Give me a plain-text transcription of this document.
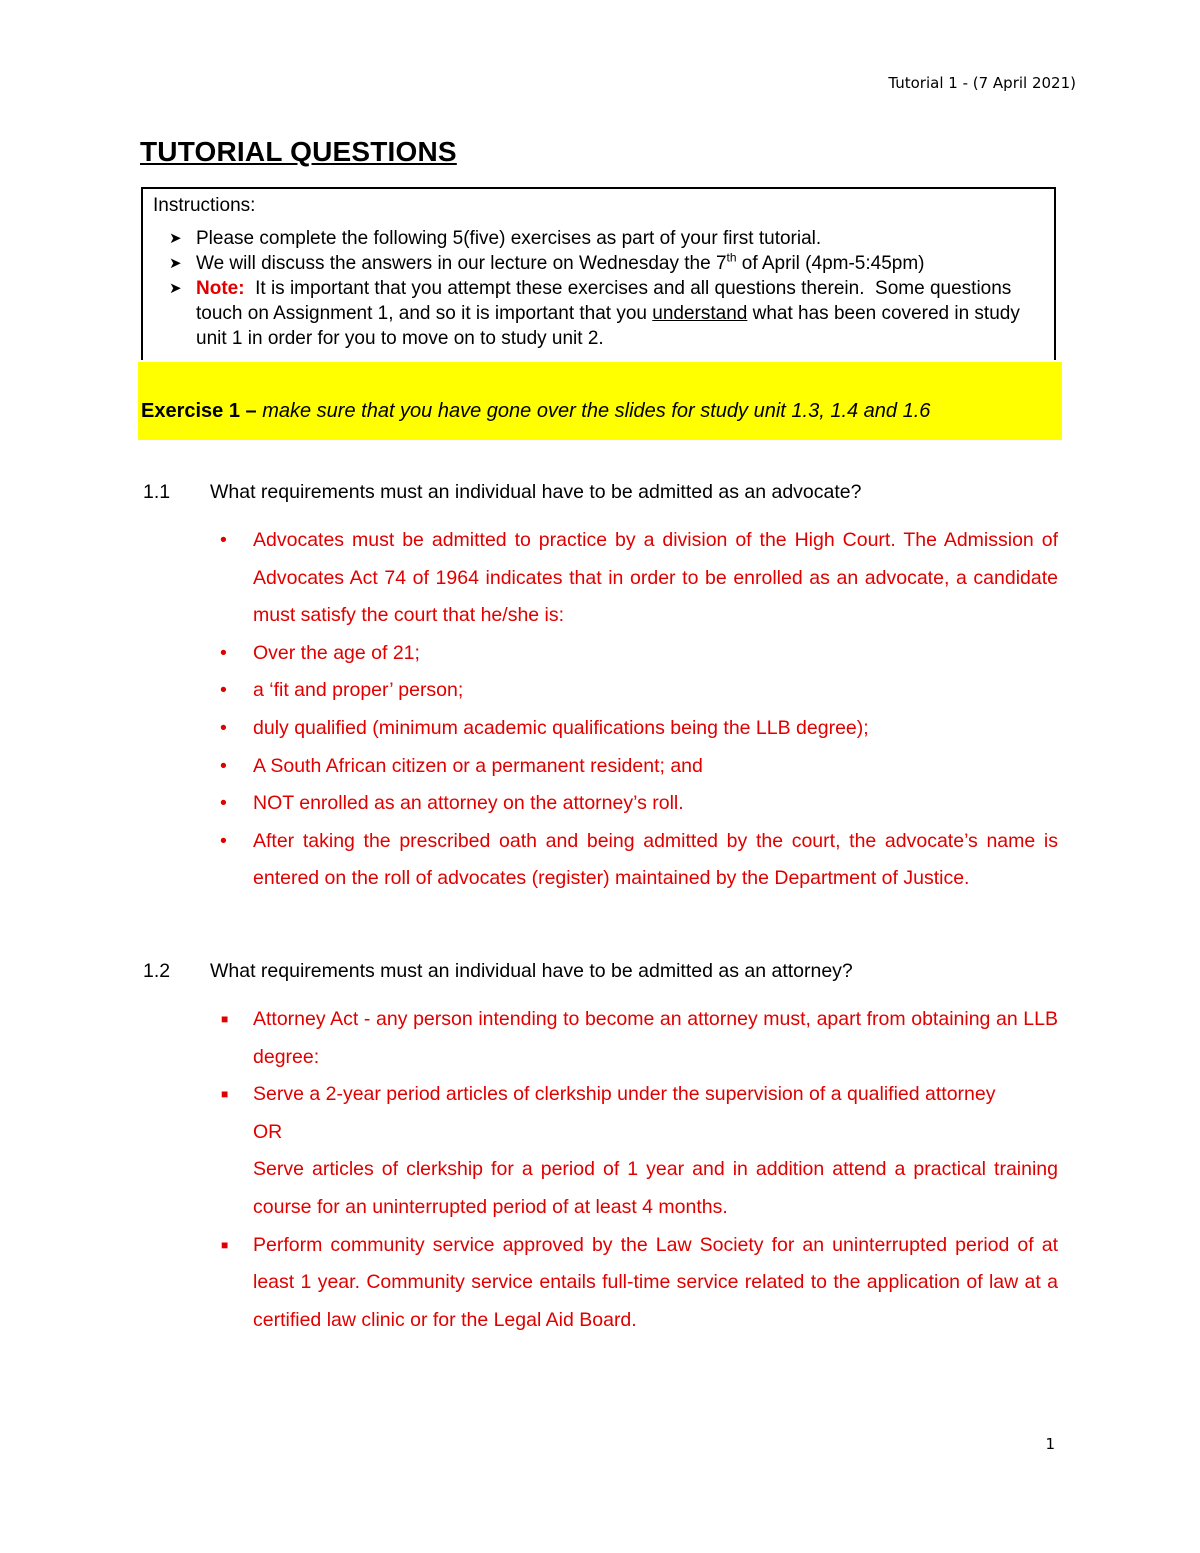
Tutorial 1 - (7 April 2021)
TUTORIAL QUESTIONS

Instructions:

➤ Please complete the following 5(five) exercises as part of your first tutorial.
➤ We will discuss the answers in our lecture on Wednesday the 7th of April (4pm-5:45pm)
➤ Note:  It is important that you attempt these exercises and all questions therein.  Some questions touch on Assignment 1, and so it is important that you understand what has been covered in study unit 1 in order for you to move on to study unit 2.
Exercise 1 – make sure that you have gone over the slides for study unit 1.3, 1.4 and 1.6
1.1 What requirements must an individual have to be admitted as an advocate?
• Advocates must be admitted to practice by a division of the High Court. The Admission of Advocates Act 74 of 1964 indicates that in order to be enrolled as an advocate, a candidate must satisfy the court that he/she is:
• Over the age of 21;
• a ‘fit and proper’ person;
• duly qualified (minimum academic qualifications being the LLB degree);
• A South African citizen or a permanent resident; and
• NOT enrolled as an attorney on the attorney’s roll.
• After taking the prescribed oath and being admitted by the court, the advocate’s name is entered on the roll of advocates (register) maintained by the Department of Justice.
1.2 What requirements must an individual have to be admitted as an attorney?
■ Attorney Act - any person intending to become an attorney must, apart from obtaining an LLB degree:
■ Serve a 2-year period articles of clerkship under the supervision of a qualified attorney
OR
Serve articles of clerkship for a period of 1 year and in addition attend a practical training course for an uninterrupted period of at least 4 months.
■ Perform community service approved by the Law Society for an uninterrupted period of at least 1 year. Community service entails full-time service related to the application of law at a certified law clinic or for the Legal Aid Board.
1
